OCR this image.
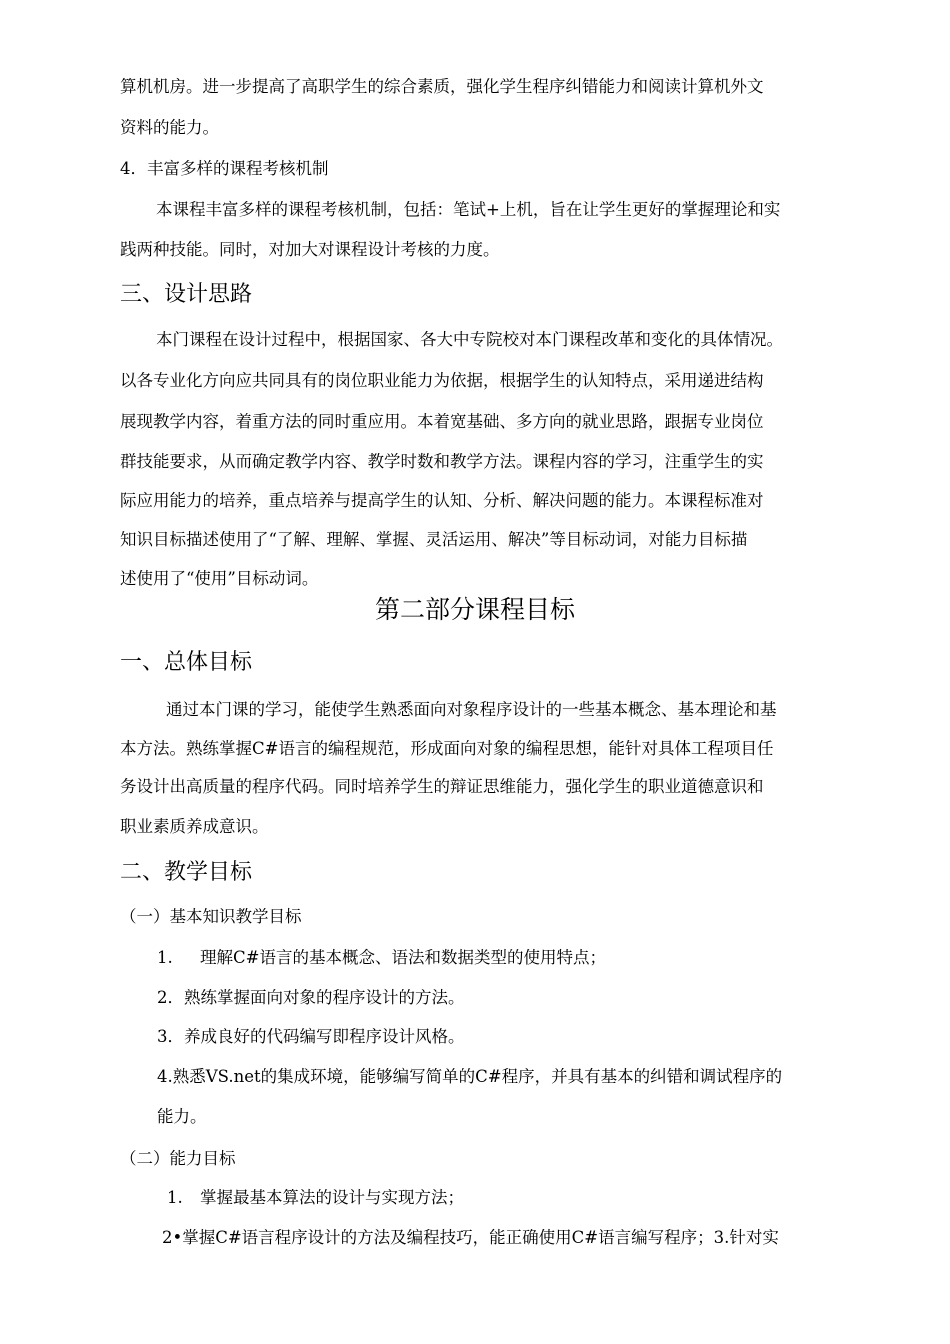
算机机房。进一步提高了高职学生的综合素质，强化学生程序纠错能力和阅读计算机外文

资料的能力。

4．丰富多样的课程考核机制

本课程丰富多样的课程考核机制，包括：笔试+上机，旨在让学生更好的掌握理论和实

践两种技能。同时，对加大对课程设计考核的力度。

三、设计思路

本门课程在设计过程中，根据国家、各大中专院校对本门课程改革和变化的具体情况。

以各专业化方向应共同具有的岗位职业能力为依据，根据学生的认知特点，采用递进结构

展现教学内容，着重方法的同时重应用。本着宽基础、多方向的就业思路，跟据专业岗位

群技能要求，从而确定教学内容、教学时数和教学方法。课程内容的学习，注重学生的实

际应用能力的培养，重点培养与提高学生的认知、分析、解决问题的能力。本课程标准对

知识目标描述使用了“了解、理解、掌握、灵活运用、解决”等目标动词，对能力目标描

述使用了“使用”目标动词。

第二部分课程目标
一、总体目标

通过本门课的学习，能使学生熟悉面向对象程序设计的一些基本概念、基本理论和基

本方法。熟练掌握C#语言的编程规范，形成面向对象的编程思想，能针对具体工程项目任

务设计出高质量的程序代码。同时培养学生的辩证思维能力，强化学生的职业道德意识和

职业素质养成意识。

二、教学目标

（一）基本知识教学目标

1. 理解C#语言的基本概念、语法和数据类型的使用特点；

2．熟练掌握面向对象的程序设计的方法。

3．养成良好的代码编写即程序设计风格。

4.熟悉VS.net的集成环境，能够编写简单的C#程序，并具有基本的纠错和调试程序的

能力。

（二）能力目标

1. 掌握最基本算法的设计与实现方法；

2•掌握C#语言程序设计的方法及编程技巧，能正确使用C#语言编写程序；3.针对实
